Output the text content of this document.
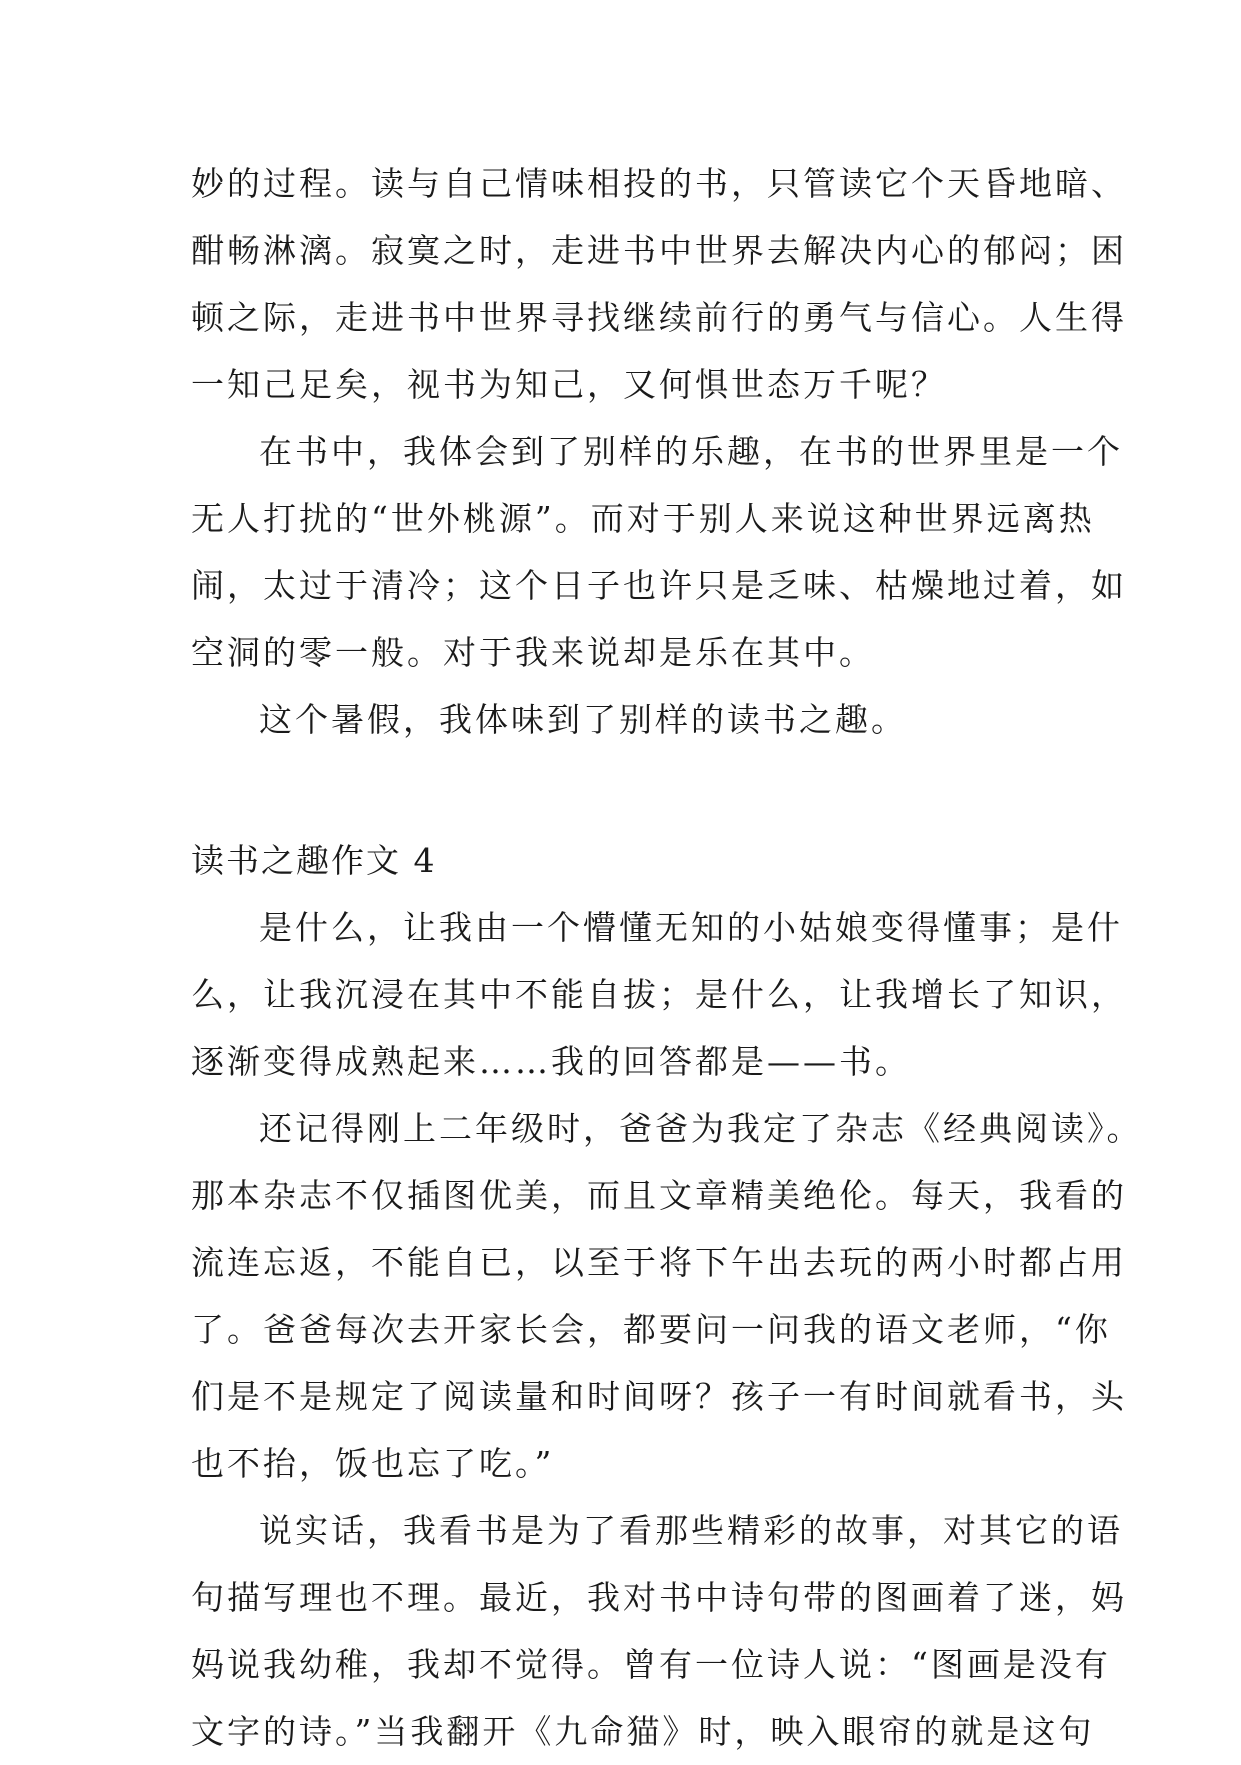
妙的过程。读与自己情味相投的书，只管读它个天昏地暗、
酣畅淋漓。寂寞之时，走进书中世界去解决内心的郁闷；困
顿之际，走进书中世界寻找继续前行的勇气与信心。人生得
一知己足矣，视书为知己，又何惧世态万千呢？
在书中，我体会到了别样的乐趣，在书的世界里是一个
无人打扰的“世外桃源”。而对于别人来说这种世界远离热
闹，太过于清冷；这个日子也许只是乏味、枯燥地过着，如
空洞的零一般。对于我来说却是乐在其中。
这个暑假，我体味到了别样的读书之趣。
读书之趣作文 4
是什么，让我由一个懵懂无知的小姑娘变得懂事；是什
么，让我沉浸在其中不能自拔；是什么，让我增长了知识，
逐渐变得成熟起来……我的回答都是——书。
还记得刚上二年级时，爸爸为我定了杂志《经典阅读》。
那本杂志不仅插图优美，而且文章精美绝伦。每天，我看的
流连忘返，不能自已，以至于将下午出去玩的两小时都占用
了。爸爸每次去开家长会，都要问一问我的语文老师，“你
们是不是规定了阅读量和时间呀？孩子一有时间就看书，头
也不抬，饭也忘了吃。”
说实话，我看书是为了看那些精彩的故事，对其它的语
句描写理也不理。最近，我对书中诗句带的图画着了迷，妈
妈说我幼稚，我却不觉得。曾有一位诗人说：“图画是没有
文字的诗。”当我翻开《九命猫》时，映入眼帘的就是这句
